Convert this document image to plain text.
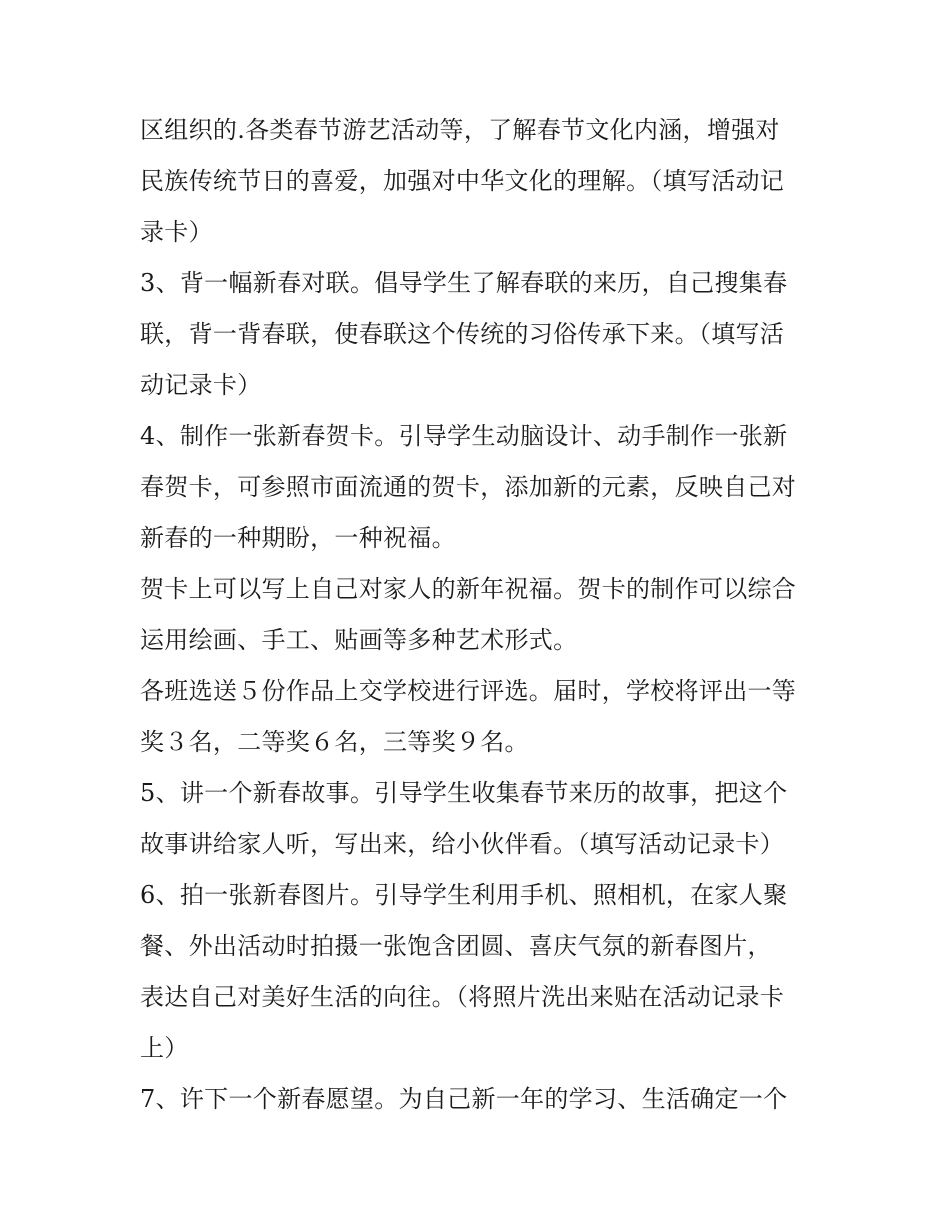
区组织的.各类春节游艺活动等，了解春节文化内涵，增强对
民族传统节日的喜爱，加强对中华文化的理解。（填写活动记
录卡）
3、背一幅新春对联。倡导学生了解春联的来历，自己搜集春
联，背一背春联，使春联这个传统的习俗传承下来。（填写活
动记录卡）
4、制作一张新春贺卡。引导学生动脑设计、动手制作一张新
春贺卡，可参照市面流通的贺卡，添加新的元素，反映自己对
新春的一种期盼，一种祝福。
贺卡上可以写上自己对家人的新年祝福。贺卡的制作可以综合
运用绘画、手工、贴画等多种艺术形式。
各班选送５份作品上交学校进行评选。届时，学校将评出一等
奖３名，二等奖６名，三等奖９名。
5、讲一个新春故事。引导学生收集春节来历的故事，把这个
故事讲给家人听，写出来，给小伙伴看。（填写活动记录卡）
6、拍一张新春图片。引导学生利用手机、照相机，在家人聚
餐、外出活动时拍摄一张饱含团圆、喜庆气氛的新春图片，
表达自己对美好生活的向往。（将照片洗出来贴在活动记录卡
上）
7、许下一个新春愿望。为自己新一年的学习、生活确定一个
